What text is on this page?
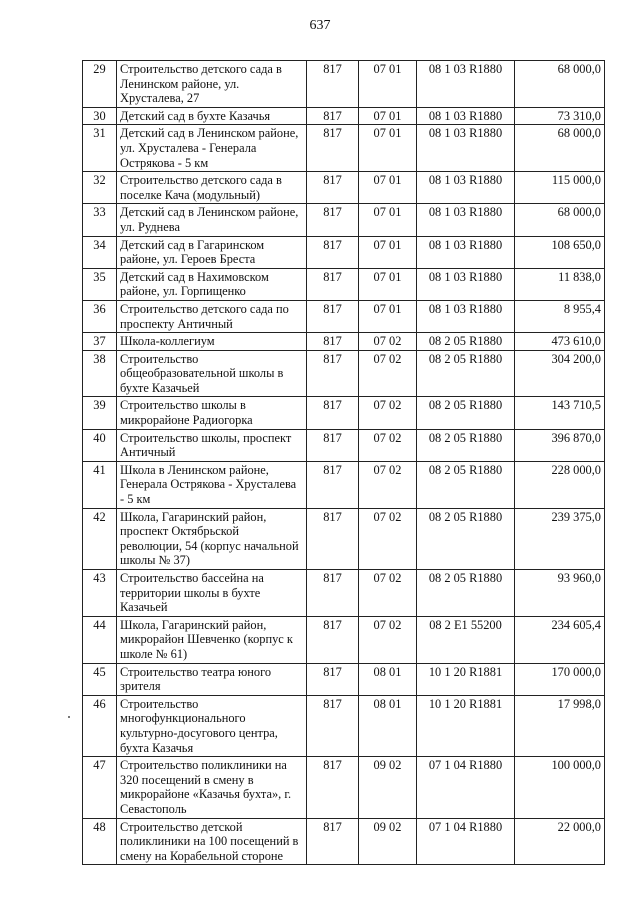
637
29	Строительство детского сада в Ленинском районе, ул. Хрусталева, 27	817	07 01	08 1 03 R1880	68 000,0
30	Детский сад в бухте Казачья	817	07 01	08 1 03 R1880	73 310,0
31	Детский сад в Ленинском районе, ул. Хрусталева - Генерала Острякова - 5 км	817	07 01	08 1 03 R1880	68 000,0
32	Строительство детского сада в поселке Кача (модульный)	817	07 01	08 1 03 R1880	115 000,0
33	Детский сад в Ленинском районе, ул. Руднева	817	07 01	08 1 03 R1880	68 000,0
34	Детский сад в Гагаринском районе, ул. Героев Бреста	817	07 01	08 1 03 R1880	108 650,0
35	Детский сад в Нахимовском районе, ул. Горпищенко	817	07 01	08 1 03 R1880	11 838,0
36	Строительство детского сада по проспекту Античный	817	07 01	08 1 03 R1880	8 955,4
37	Школа-коллегиум	817	07 02	08 2 05 R1880	473 610,0
38	Строительство общеобразовательной школы в бухте Казачьей	817	07 02	08 2 05 R1880	304 200,0
39	Строительство школы в микрорайоне Радиогорка	817	07 02	08 2 05 R1880	143 710,5
40	Строительство школы, проспект Античный	817	07 02	08 2 05 R1880	396 870,0
41	Школа в Ленинском районе, Генерала Острякова - Хрусталева - 5 км	817	07 02	08 2 05 R1880	228 000,0
42	Школа, Гагаринский район, проспект Октябрьской революции, 54 (корпус начальной школы № 37)	817	07 02	08 2 05 R1880	239 375,0
43	Строительство бассейна на территории школы в бухте Казачьей	817	07 02	08 2 05 R1880	93 960,0
44	Школа, Гагаринский район, микрорайон Шевченко (корпус к школе № 61)	817	07 02	08 2 E1 55200	234 605,4
45	Строительство театра юного зрителя	817	08 01	10 1 20 R1881	170 000,0
46	Строительство многофункционального культурно-досугового центра, бухта Казачья	817	08 01	10 1 20 R1881	17 998,0
47	Строительство поликлиники на 320 посещений в смену в микрорайоне «Казачья бухта», г. Севастополь	817	09 02	07 1 04 R1880	100 000,0
48	Строительство детской поликлиники на 100 посещений в смену на Корабельной стороне	817	09 02	07 1 04 R1880	22 000,0
